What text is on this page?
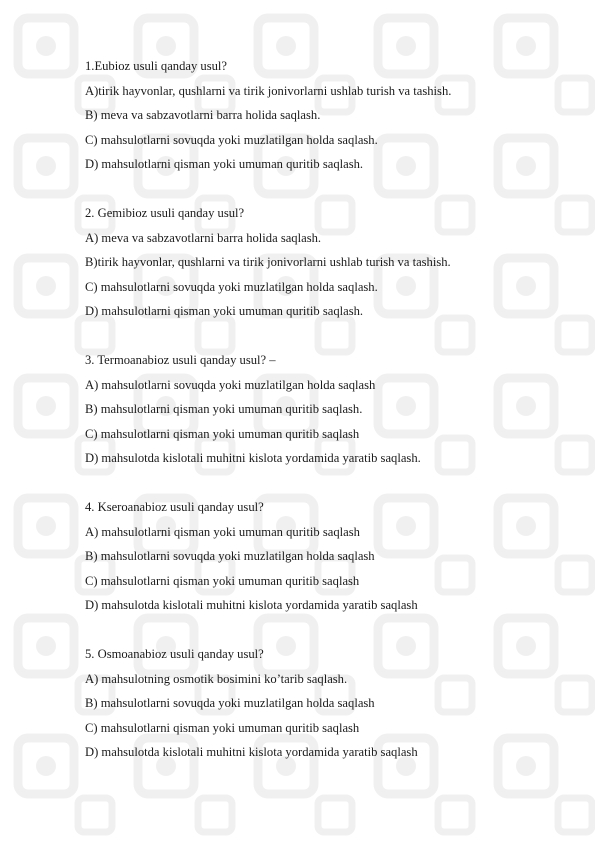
1.Eubioz usuli qanday usul?
A)tirik hayvonlar, qushlarni va tirik jonivorlarni ushlab turish va tashish.
B) meva va sabzavotlarni barra holida saqlash.
C) mahsulotlarni sovuqda yoki muzlatilgan holda saqlash.
D) mahsulotlarni qisman yoki umuman quritib saqlash.
2. Gemibioz usuli qanday usul?
A) meva va sabzavotlarni barra holida saqlash.
B)tirik hayvonlar, qushlarni va tirik jonivorlarni ushlab turish va tashish.
C) mahsulotlarni sovuqda yoki muzlatilgan holda saqlash.
D) mahsulotlarni qisman yoki umuman quritib saqlash.
3. Termoanabioz usuli qanday usul? –
A) mahsulotlarni sovuqda yoki muzlatilgan holda saqlash
B) mahsulotlarni qisman yoki umuman quritib saqlash.
C) mahsulotlarni qisman yoki umuman quritib saqlash
D) mahsulotda kislotali muhitni kislota yordamida yaratib saqlash.
4. Kseroanabioz usuli qanday usul?
A) mahsulotlarni qisman yoki umuman quritib saqlash
B) mahsulotlarni sovuqda yoki muzlatilgan holda saqlash
C) mahsulotlarni qisman yoki umuman quritib saqlash
D) mahsulotda kislotali muhitni kislota yordamida yaratib saqlash
5. Osmoanabioz usuli qanday usul?
A) mahsulotning osmotik bosimini ko’tarib saqlash.
B) mahsulotlarni sovuqda yoki muzlatilgan holda saqlash
C) mahsulotlarni qisman yoki umuman quritib saqlash
D) mahsulotda kislotali muhitni kislota yordamida yaratib saqlash
